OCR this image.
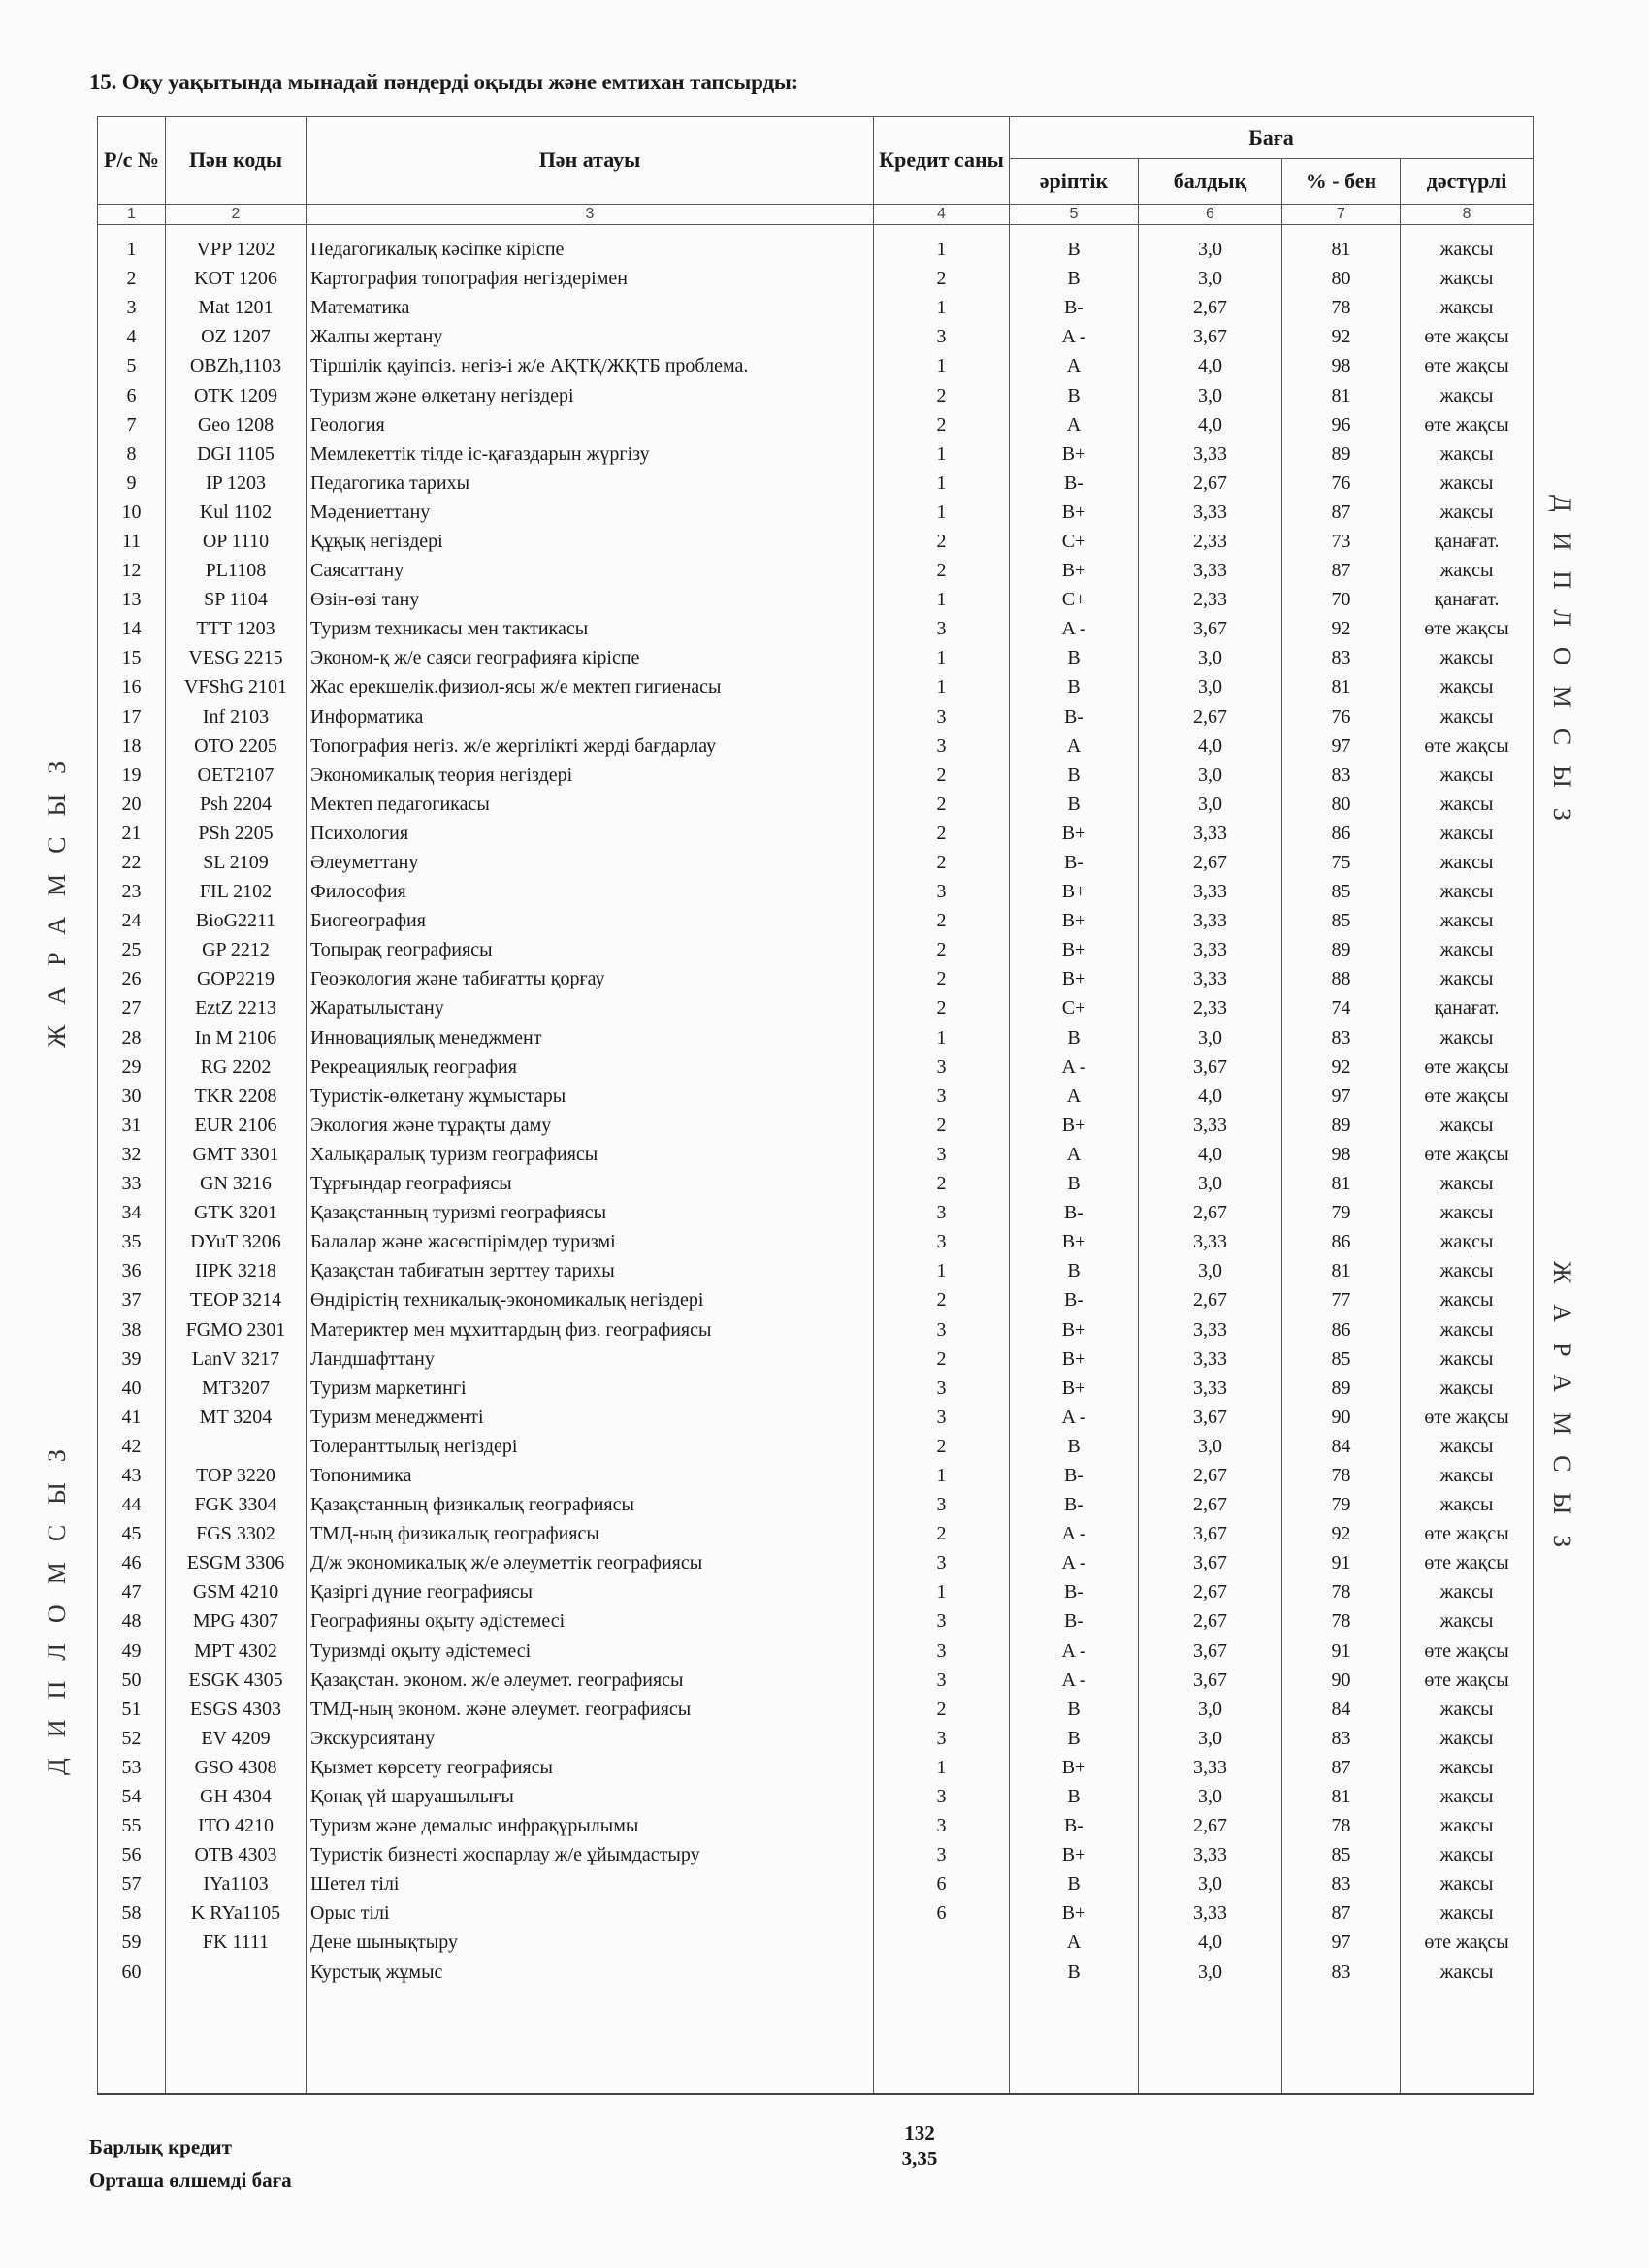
15. Оқу уақытында мынадай пәндерді оқыды және емтихан тапсырды:
ЖАРАМСЫЗ
ДИПЛОМСЫЗ
ДИПЛОМСЫЗ
ЖАРАМСЫЗ
Р/с №	Пән коды	Пән атауы	Кредит саны	Баға			
				әріптік	балдық	% - бен	дәстүрлі
1	2	3	4	5	6	7	8
1	VPP 1202	Педагогикалық кәсіпке кіріспе	1	B	3,0	81	жақсы
2	KOT 1206	Картография топография негіздерімен	2	B	3,0	80	жақсы
3	Mat 1201	Математика	1	B-	2,67	78	жақсы
4	OZ 1207	Жалпы жертану	3	A -	3,67	92	өте жақсы
5	OBZh,1103	Тіршілік қауіпсіз. негіз-і ж/е АҚТҚ/ЖҚТБ проблема.	1	A	4,0	98	өте жақсы
6	OTK 1209	Туризм және өлкетану негіздері	2	B	3,0	81	жақсы
7	Geo 1208	Геология	2	A	4,0	96	өте жақсы
8	DGI 1105	Мемлекеттік тілде іс-қағаздарын жүргізу	1	B+	3,33	89	жақсы
9	IP 1203	Педагогика тарихы	1	B-	2,67	76	жақсы
10	Kul 1102	Мәдениеттану	1	B+	3,33	87	жақсы
11	OP 1110	Құқық негіздері	2	C+	2,33	73	қанағат.
12	PL1108	Саясаттану	2	B+	3,33	87	жақсы
13	SP 1104	Өзін-өзі тану	1	C+	2,33	70	қанағат.
14	TTT 1203	Туризм техникасы мен тактикасы	3	A -	3,67	92	өте жақсы
15	VESG 2215	Эконом-қ ж/е саяси географияға кіріспе	1	B	3,0	83	жақсы
16	VFShG 2101	Жас ерекшелік.физиол-ясы ж/е мектеп гигиенасы	1	B	3,0	81	жақсы
17	Inf 2103	Информатика	3	B-	2,67	76	жақсы
18	OTO 2205	Топография негіз. ж/е жергілікті жерді бағдарлау	3	A	4,0	97	өте жақсы
19	OET2107	Экономикалық теория негіздері	2	B	3,0	83	жақсы
20	Psh 2204	Мектеп педагогикасы	2	B	3,0	80	жақсы
21	PSh 2205	Психология	2	B+	3,33	86	жақсы
22	SL 2109	Әлеуметтану	2	B-	2,67	75	жақсы
23	FIL 2102	Философия	3	B+	3,33	85	жақсы
24	BioG2211	Биогеография	2	B+	3,33	85	жақсы
25	GP 2212	Топырақ географиясы	2	B+	3,33	89	жақсы
26	GOP2219	Геоэкология және табиғатты қорғау	2	B+	3,33	88	жақсы
27	EztZ 2213	Жаратылыстану	2	C+	2,33	74	қанағат.
28	In M 2106	Инновациялық менеджмент	1	B	3,0	83	жақсы
29	RG 2202	Рекреациялық география	3	A -	3,67	92	өте жақсы
30	TKR 2208	Туристік-өлкетану жұмыстары	3	A	4,0	97	өте жақсы
31	EUR 2106	Экология және тұрақты даму	2	B+	3,33	89	жақсы
32	GMT 3301	Халықаралық туризм географиясы	3	A	4,0	98	өте жақсы
33	GN 3216	Тұрғындар географиясы	2	B	3,0	81	жақсы
34	GTK 3201	Қазақстанның туризмі географиясы	3	B-	2,67	79	жақсы
35	DYuT 3206	Балалар және жасөспірімдер туризмі	3	B+	3,33	86	жақсы
36	IIPK 3218	Қазақстан табиғатын зерттеу тарихы	1	B	3,0	81	жақсы
37	TEOP 3214	Өндірістің техникалық-экономикалық негіздері	2	B-	2,67	77	жақсы
38	FGMO 2301	Материктер мен мұхиттардың физ. географиясы	3	B+	3,33	86	жақсы
39	LanV 3217	Ландшафттану	2	B+	3,33	85	жақсы
40	MT3207	Туризм маркетингі	3	B+	3,33	89	жақсы
41	MT 3204	Туризм менеджменті	3	A -	3,67	90	өте жақсы
42		Толеранттылық негіздері	2	B	3,0	84	жақсы
43	TOP 3220	Топонимика	1	B-	2,67	78	жақсы
44	FGK 3304	Қазақстанның физикалық географиясы	3	B-	2,67	79	жақсы
45	FGS 3302	ТМД-ның физикалық географиясы	2	A -	3,67	92	өте жақсы
46	ESGM 3306	Д/ж экономикалық ж/е әлеуметтік географиясы	3	A -	3,67	91	өте жақсы
47	GSM 4210	Қазіргі дүние географиясы	1	B-	2,67	78	жақсы
48	MPG 4307	Географияны оқыту әдістемесі	3	B-	2,67	78	жақсы
49	MPT 4302	Туризмді оқыту әдістемесі	3	A -	3,67	91	өте жақсы
50	ESGK 4305	Қазақстан. эконом. ж/е әлеумет. географиясы	3	A -	3,67	90	өте жақсы
51	ESGS 4303	ТМД-ның эконом. және әлеумет. географиясы	2	B	3,0	84	жақсы
52	EV 4209	Экскурсиятану	3	B	3,0	83	жақсы
53	GSO 4308	Қызмет көрсету географиясы	1	B+	3,33	87	жақсы
54	GH 4304	Қонақ үй шаруашылығы	3	B	3,0	81	жақсы
55	ITO 4210	Туризм және демалыс инфрақұрылымы	3	B-	2,67	78	жақсы
56	OTB 4303	Туристік бизнесті жоспарлау ж/е ұйымдастыру	3	B+	3,33	85	жақсы
57	IYa1103	Шетел тілі	6	B	3,0	83	жақсы
58	K RYa1105	Орыс тілі	6	B+	3,33	87	жақсы
59	FK 1111	Дене шынықтыру		A	4,0	97	өте жақсы
60		Курстық жұмыс		B	3,0	83	жақсы

Барлық кредит
Орташа өлшемді баға
132
3,35
